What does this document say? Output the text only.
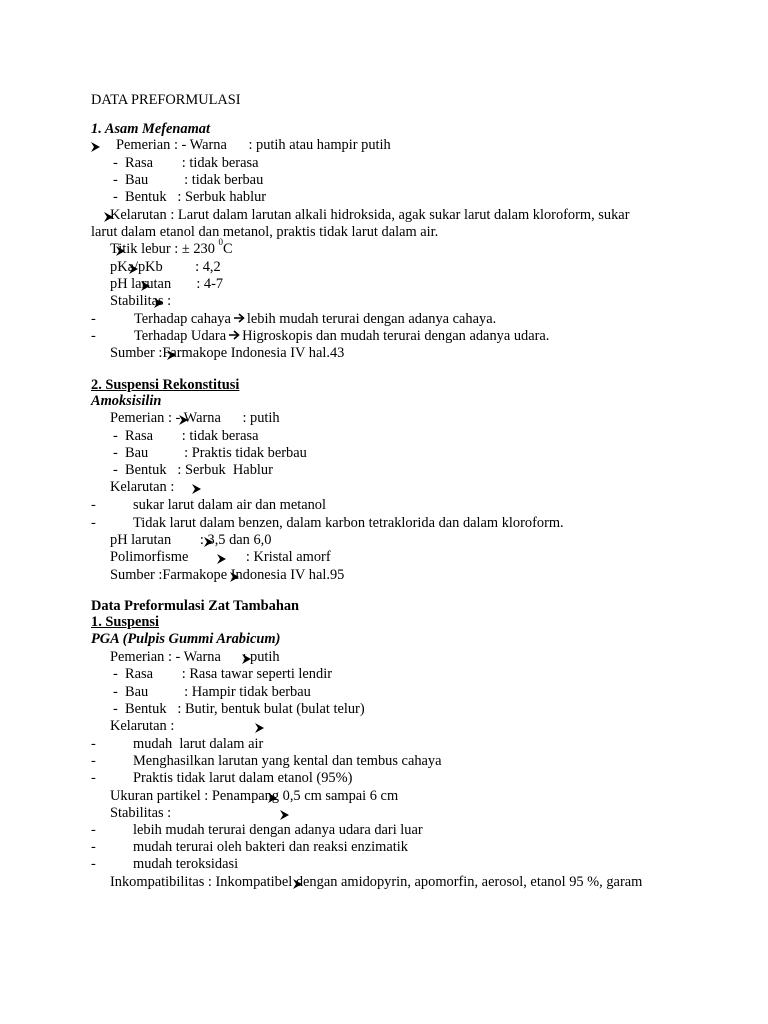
DATA PREFORMULASI
1. Asam Mefenamat

Pemerian : - Warna      : putih atau hampir putih
-  Rasa        : tidak berasa
-  Bau          : tidak berbau
-  Bentuk   : Serbuk hablur

Kelarutan : Larut dalam larutan alkali hidroksida, agak sukar larut dalam kloroform, sukar
larut dalam etanol dan metanol, praktis tidak larut dalam air.

Titik lebur : ± 230 $^0$C

pKa/pKb         : 4,2

pH larutan       : 4-7

Stabilitas :
-	Terhadap cahaya lebih mudah terurai dengan adanya cahaya.
-	Terhadap Udara Higroskopis dan mudah terurai dengan adanya udara.

Sumber :Farmakope Indonesia IV hal.43
2. Suspensi Rekonstitusi
Amoksisilin

Pemerian : - Warna      : putih
-  Rasa        : tidak berasa
-  Bau          : Praktis tidak berbau
-  Bentuk   : Serbuk  Hablur

Kelarutan :
-	sukar larut dalam air dan metanol
-	Tidak larut dalam benzen, dalam karbon tetraklorida dan dalam kloroform.

pH larutan        : 3,5 dan 6,0

Polimorfisme                : Kristal amorf

Sumber :Farmakope Indonesia IV hal.95
Data Preformulasi Zat Tambahan
1. Suspensi
PGA (Pulpis Gummi Arabicum)

Pemerian : - Warna      : putih
-  Rasa        : Rasa tawar seperti lendir
-  Bau          : Hampir tidak berbau
-  Bentuk   : Butir, bentuk bulat (bulat telur)

Kelarutan :
-	mudah  larut dalam air
-	Menghasilkan larutan yang kental dan tembus cahaya
-	Praktis tidak larut dalam etanol (95%)

Ukuran partikel : Penampang 0,5 cm sampai 6 cm

Stabilitas :
-	lebih mudah terurai dengan adanya udara dari luar
-	mudah terurai oleh bakteri dan reaksi enzimatik
-	mudah teroksidasi
Inkompatibilitas : Inkompatibel dengan amidopyrin, apomorfin, aerosol, etanol 95 %, garam
